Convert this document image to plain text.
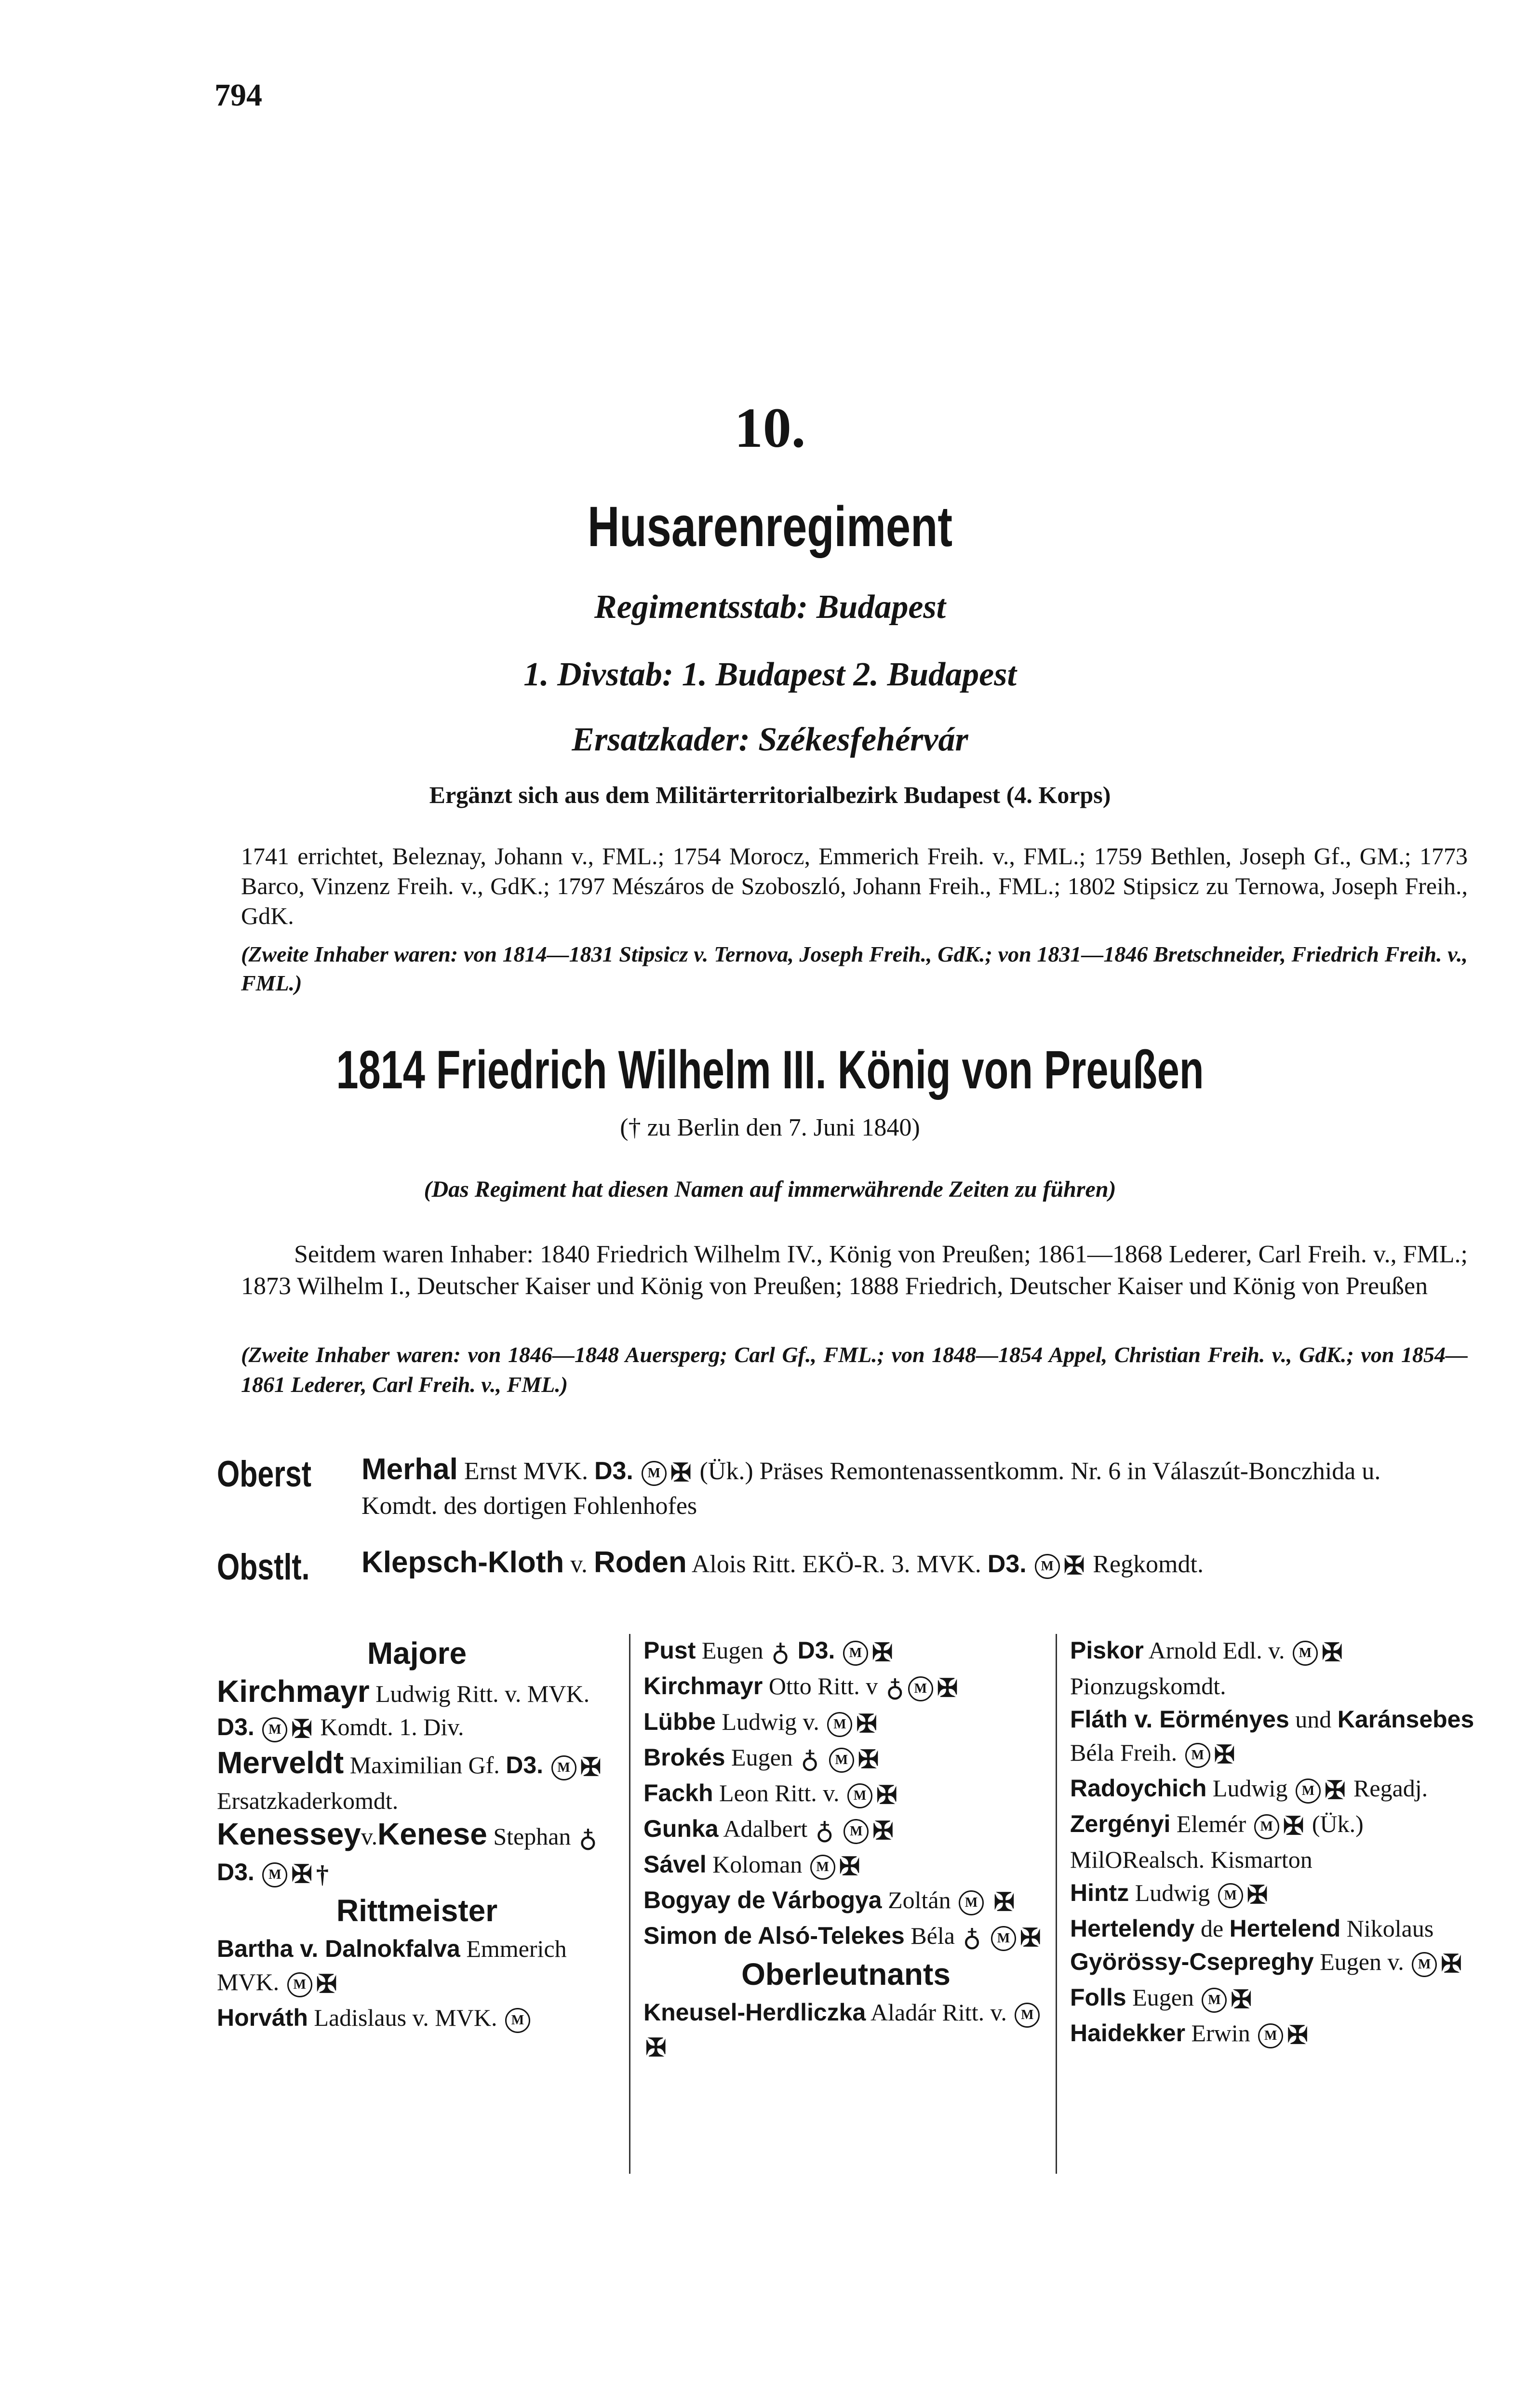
794
10.
Husarenregiment
Regimentsstab: Budapest
1. Divstab: 1. Budapest 2. Budapest
Ersatzkader: Székesfehérvár
Ergänzt sich aus dem Militärterritorialbezirk Budapest (4. Korps)
1741 errichtet, Beleznay, Johann v., FML.; 1754 Morocz, Emmerich Freih. v., FML.; 1759 Bethlen, Joseph Gf., GM.; 1773 Barco, Vinzenz Freih. v., GdK.; 1797 Mészáros de Szoboszló, Johann Freih., FML.; 1802 Stipsicz zu Ternowa, Joseph Freih., GdK.
(Zweite Inhaber waren: von 1814—1831 Stipsicz v. Ternova, Joseph Freih., GdK.; von 1831—1846 Bretschneider, Friedrich Freih. v., FML.)
1814 Friedrich Wilhelm III. König von Preußen
(† zu Berlin den 7. Juni 1840)
(Das Regiment hat diesen Namen auf immerwährende Zeiten zu führen)
Seitdem waren Inhaber: 1840 Friedrich Wilhelm IV., König von Preußen; 1861—1868 Lederer, Carl Freih. v., FML.; 1873 Wilhelm I., Deutscher Kaiser und König von Preußen; 1888 Friedrich, Deutscher Kaiser und König von Preußen
(Zweite Inhaber waren: von 1846—1848 Auersperg; Carl Gf., FML.; von 1848—1854 Appel, Christian Freih. v., GdK.; von 1854—1861 Lederer, Carl Freih. v., FML.)
Oberst Merhal Ernst MVK. D3. M ✠ (Ük.) Präses Remontenassentkomm. Nr. 6 in Válaszút-Bonczhida u. Komdt. des dortigen Fohlenhofes
Obstlt. Klepsch-Kloth v. Roden Alois Ritt. EKÖ-R. 3. MVK. D3. M ✠ Regkomdt.
Majore
Kirchmayr Ludwig Ritt. v. MVK. D3. M ✠ Komdt. 1. Div.
Merveldt Maximilian Gf. D3. M ✠ Ersatzkaderkomdt.
Kenesseyv.Kenese Stephan ♁ D3. M ✠ †
Rittmeister
Bartha v. Dalnokfalva Emmerich MVK. M ✠
Horváth Ladislaus v. MVK. M
Pust Eugen ♁ D3. M ✠
Kirchmayr Otto Ritt. v ♁ M ✠
Lübbe Ludwig v. M ✠
Brokés Eugen ♁ M ✠
Fackh Leon Ritt. v. M ✠
Gunka Adalbert ♁ M ✠
Sável Koloman M ✠
Bogyay de Várbogya Zoltán M ✠
Simon de Alsó-Telekes Béla ♁ M ✠
Oberleutnants
Kneusel-Herdliczka Aladár Ritt. v. M✠
Piskor Arnold Edl. v. M ✠ Pionzugskomdt.
Fláth v. Eörményes und Karánsebes Béla Freih. M ✠
Radoychich Ludwig M ✠ Regadj.
Zergényi Elemér M ✠ (Ük.) MilORealsch. Kismarton
Hintz Ludwig M ✠
Hertelendy de Hertelend Nikolaus
Györössy-Csepreghy Eugen v. M ✠
Folls Eugen M ✠
Haidekker Erwin M ✠
